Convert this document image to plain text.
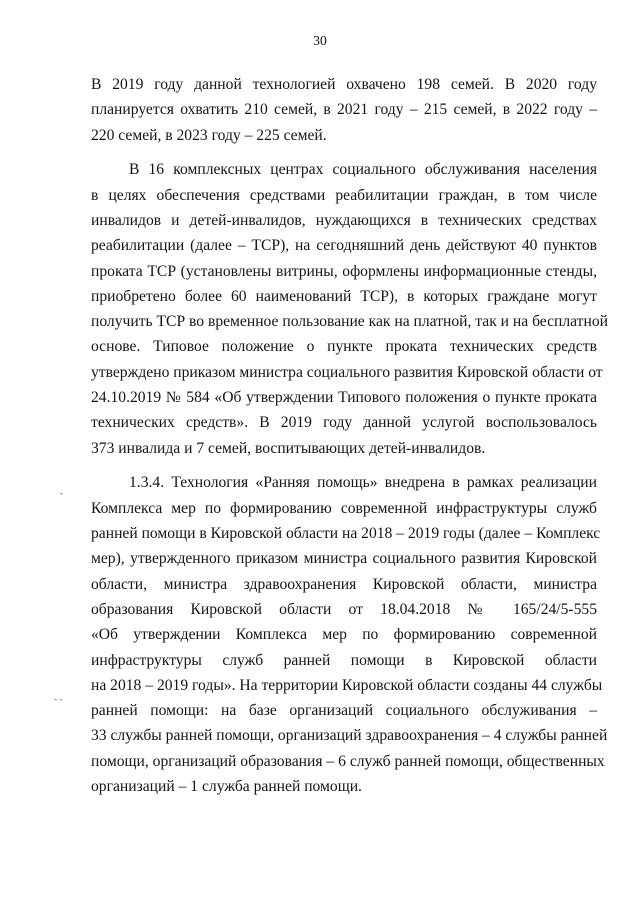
30
В 2019 году данной технологией охвачено 198 семей. В 2020 году
планируется охватить 210 семей, в 2021 году – 215 семей, в 2022 году –
220 семей, в 2023 году – 225 семей.
В 16 комплексных центрах социального обслуживания населения
в целях обеспечения средствами реабилитации граждан, в том числе
инвалидов и детей-инвалидов, нуждающихся в технических средствах
реабилитации (далее – ТСР), на сегодняшний день действуют 40 пунктов
проката ТСР (установлены витрины, оформлены информационные стенды,
приобретено более 60 наименований ТСР), в которых граждане могут
получить ТСР во временное пользование как на платной, так и на бесплатной
основе. Типовое положение о пункте проката технических средств
утверждено приказом министра социального развития Кировской области от
24.10.2019 № 584 «Об утверждении Типового положения о пункте проката
технических средств». В 2019 году данной услугой воспользовалось
373 инвалида и 7 семей, воспитывающих детей-инвалидов.
1.3.4. Технология «Ранняя помощь» внедрена в рамках реализации
Комплекса мер по формированию современной инфраструктуры служб
ранней помощи в Кировской области на 2018 – 2019 годы (далее – Комплекс
мер), утвержденного приказом министра социального развития Кировской
области, министра здравоохранения Кировской области, министра
образования Кировской области от 18.04.2018 № 165/24/5-555
«Об утверждении Комплекса мер по формированию современной
инфраструктуры служб ранней помощи в Кировской области
на 2018 – 2019 годы». На территории Кировской области созданы 44 службы
ранней помощи: на базе организаций социального обслуживания –
33 службы ранней помощи, организаций здравоохранения – 4 службы ранней
помощи, организаций образования – 6 служб ранней помощи, общественных
организаций – 1 служба ранней помощи.
-
- -
